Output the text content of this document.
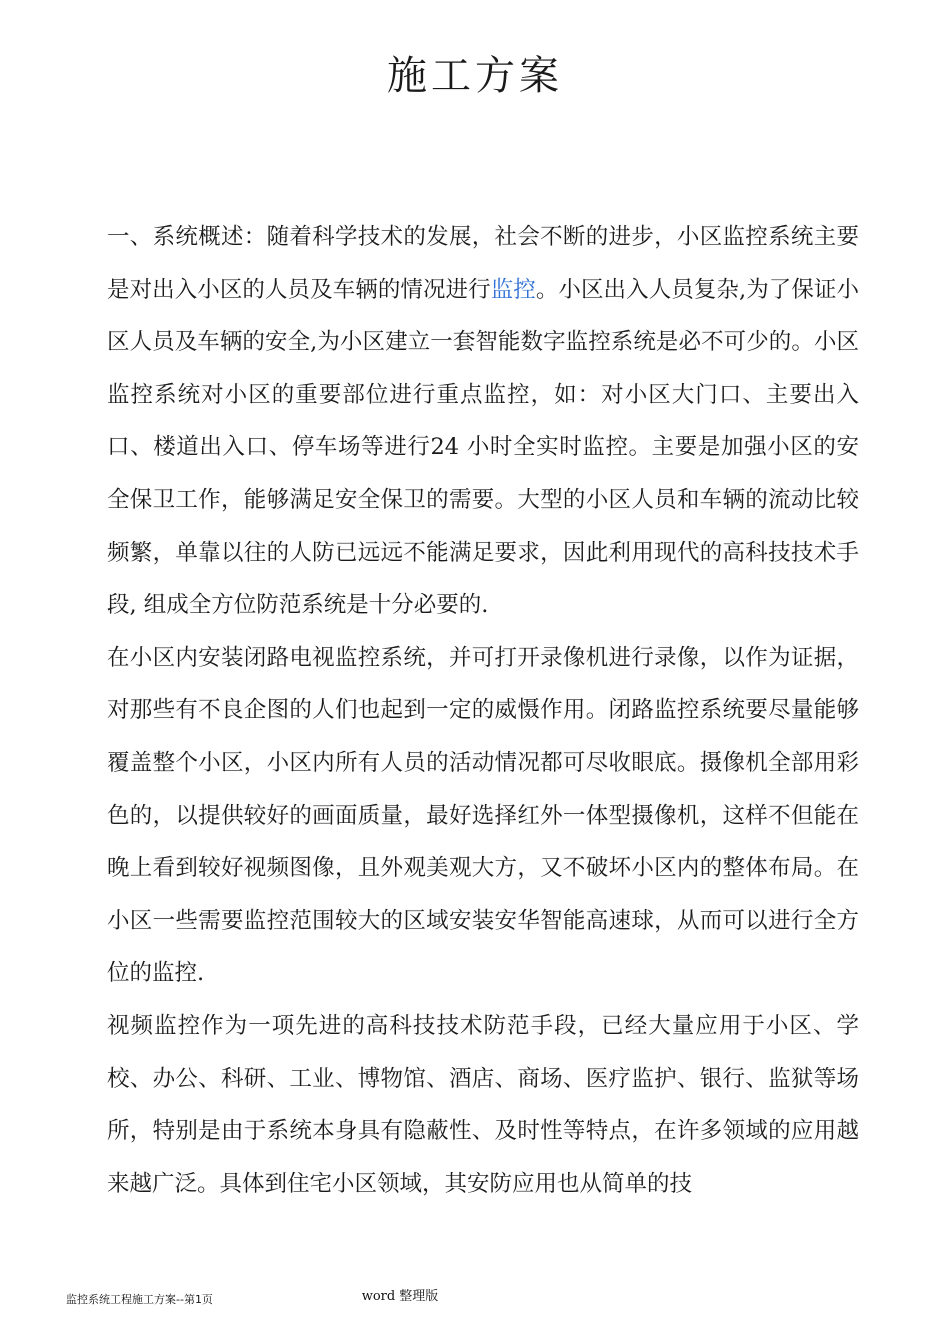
施工方案

一、系统概述：随着科学技术的发展，社会不断的进步，小区监控系统主要是对出入小区的人员及车辆的情况进行监控。小区出入人员复杂,为了保证小区人员及车辆的安全,为小区建立一套智能数字监控系统是必不可少的。小区监控系统对小区的重要部位进行重点监控，如：对小区大门口、主要出入口、楼道出入口、停车场等进行24 小时全实时监控。主要是加强小区的安全保卫工作，能够满足安全保卫的需要。大型的小区人员和车辆的流动比较频繁，单靠以往的人防已远远不能满足要求，因此利用现代的高科技技术手段, 组成全方位防范系统是十分必要的.

在小区内安装闭路电视监控系统，并可打开录像机进行录像，以作为证据，对那些有不良企图的人们也起到一定的威慑作用。闭路监控系统要尽量能够覆盖整个小区，小区内所有人员的活动情况都可尽收眼底。摄像机全部用彩色的，以提供较好的画面质量，最好选择红外一体型摄像机，这样不但能在晚上看到较好视频图像，且外观美观大方，又不破坏小区内的整体布局。在小区一些需要监控范围较大的区域安装安华智能高速球，从而可以进行全方位的监控.

视频监控作为一项先进的高科技技术防范手段，已经大量应用于小区、学校、办公、科研、工业、博物馆、酒店、商场、医疗监护、银行、监狱等场所，特别是由于系统本身具有隐蔽性、及时性等特点，在许多领域的应用越来越广泛。具体到住宅小区领域，其安防应用也从简单的技

监控系统工程施工方案--第1页	word 整理版
